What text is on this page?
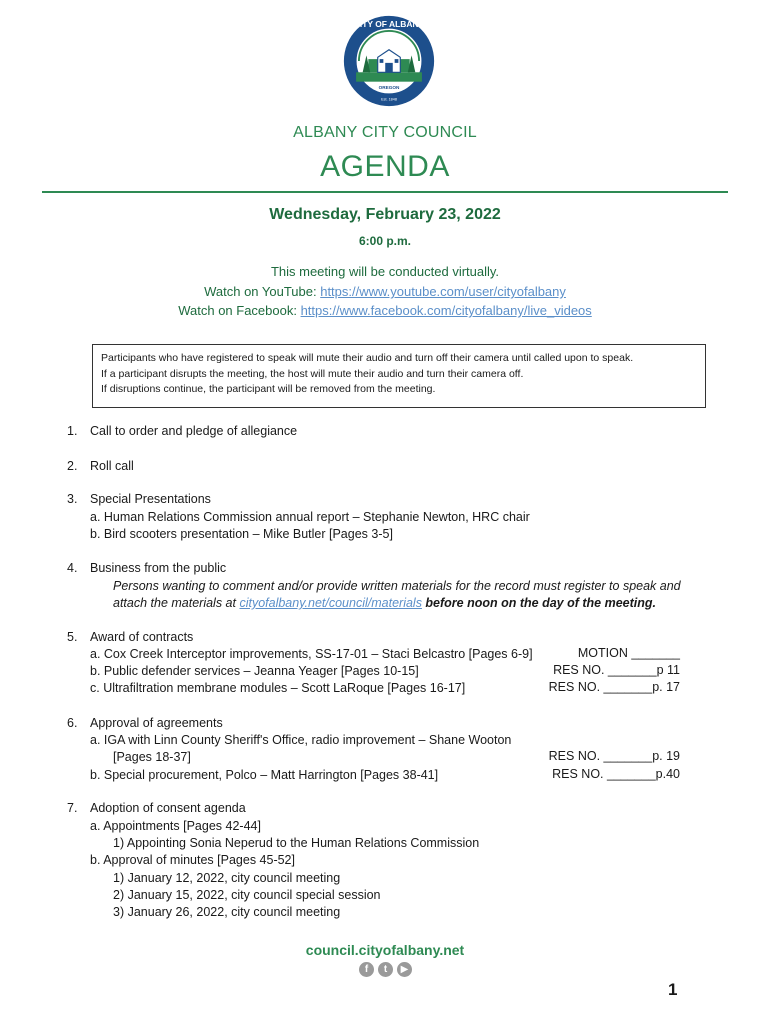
CITY OF ALBANY
OREGON
Est. 1848
ALBANY CITY COUNCIL
AGENDA
Wednesday, February 23, 2022
6:00 p.m.
This meeting will be conducted virtually.
Watch on YouTube: https://www.youtube.com/user/cityofalbany
Watch on Facebook: https://www.facebook.com/cityofalbany/live_videos
Participants who have registered to speak will mute their audio and turn off their camera until called upon to speak.
If a participant disrupts the meeting, the host will mute their audio and turn their camera off.
If disruptions continue, the participant will be removed from the meeting.
1.	Call to order and pledge of allegiance
2.	Roll call
3.	Special Presentations
a. Human Relations Commission annual report – Stephanie Newton, HRC chair
b. Bird scooters presentation – Mike Butler [Pages 3-5]
4.	Business from the public
Persons wanting to comment and/or provide written materials for the record must register to speak and
attach the materials at cityofalbany.net/council/materials before noon on the day of the meeting.
5.	Award of contracts
a. Cox Creek Interceptor improvements, SS-17-01 – Staci Belcastro [Pages 6-9]	MOTION _______
b. Public defender services – Jeanna Yeager [Pages 10-15]	RES NO. _______p 11
c. Ultrafiltration membrane modules – Scott LaRoque [Pages 16-17]	RES NO. _______p. 17
6.	Approval of agreements
a. IGA with Linn County Sheriff's Office, radio improvement – Shane Wooton
[Pages 18-37]	RES NO. _______p. 19
b. Special procurement, Polco – Matt Harrington [Pages 38-41]	RES NO. _______p.40
7.	Adoption of consent agenda
a. Appointments [Pages 42-44]
1) Appointing Sonia Neperud to the Human Relations Commission
b. Approval of minutes [Pages 45-52]
1) January 12, 2022, city council meeting
2) January 15, 2022, city council special session
3) January 26, 2022, city council meeting
council.cityofalbany.net
f	t	▶
1
